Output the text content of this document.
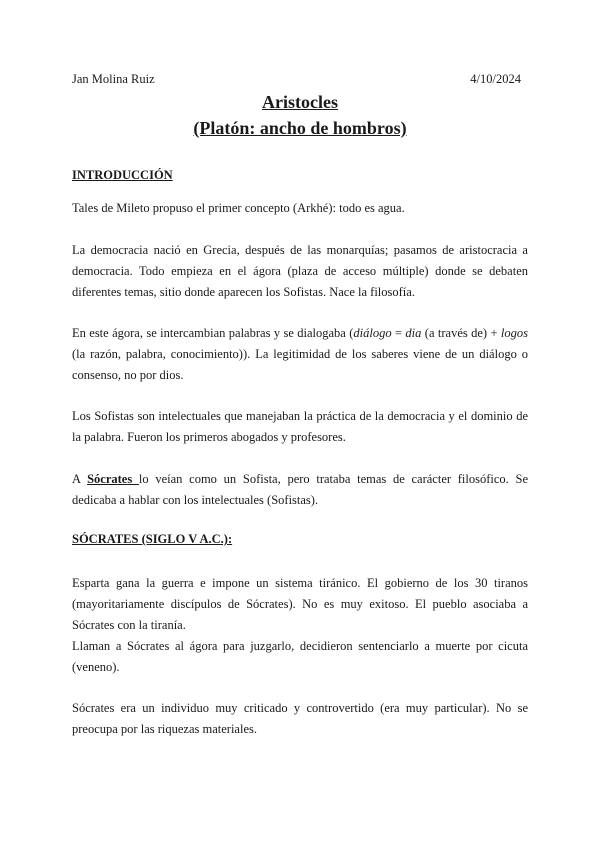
Jan Molina Ruiz	4/10/2024
Aristocles
(Platón: ancho de hombros)
INTRODUCCIÓN

Tales de Mileto propuso el primer concepto (Arkhé): todo es agua.

La democracia nació en Grecia, después de las monarquías; pasamos de aristocracia a democracia. Todo empieza en el ágora (plaza de acceso múltiple) donde se debaten diferentes temas, sitio donde aparecen los Sofistas. Nace la filosofía.

En este ágora, se intercambian palabras y se dialogaba (diálogo = dia (a través de) + logos (la razón, palabra, conocimiento)). La legitimidad de los saberes viene de un diálogo o consenso, no por dios.

Los Sofistas son intelectuales que manejaban la práctica de la democracia y el dominio de la palabra. Fueron los primeros abogados y profesores.

A Sócrates lo veían como un Sofista, pero trataba temas de carácter filosófico. Se dedicaba a hablar con los intelectuales (Sofistas).

SÓCRATES (SIGLO V A.C.):

Esparta gana la guerra e impone un sistema tiránico. El gobierno de los 30 tiranos (mayoritariamente discípulos de Sócrates). No es muy exitoso. El pueblo asociaba a Sócrates con la tiranía.

Llaman a Sócrates al ágora para juzgarlo, decidieron sentenciarlo a muerte por cicuta (veneno).

Sócrates era un individuo muy criticado y controvertido (era muy particular). No se preocupa por las riquezas materiales.
